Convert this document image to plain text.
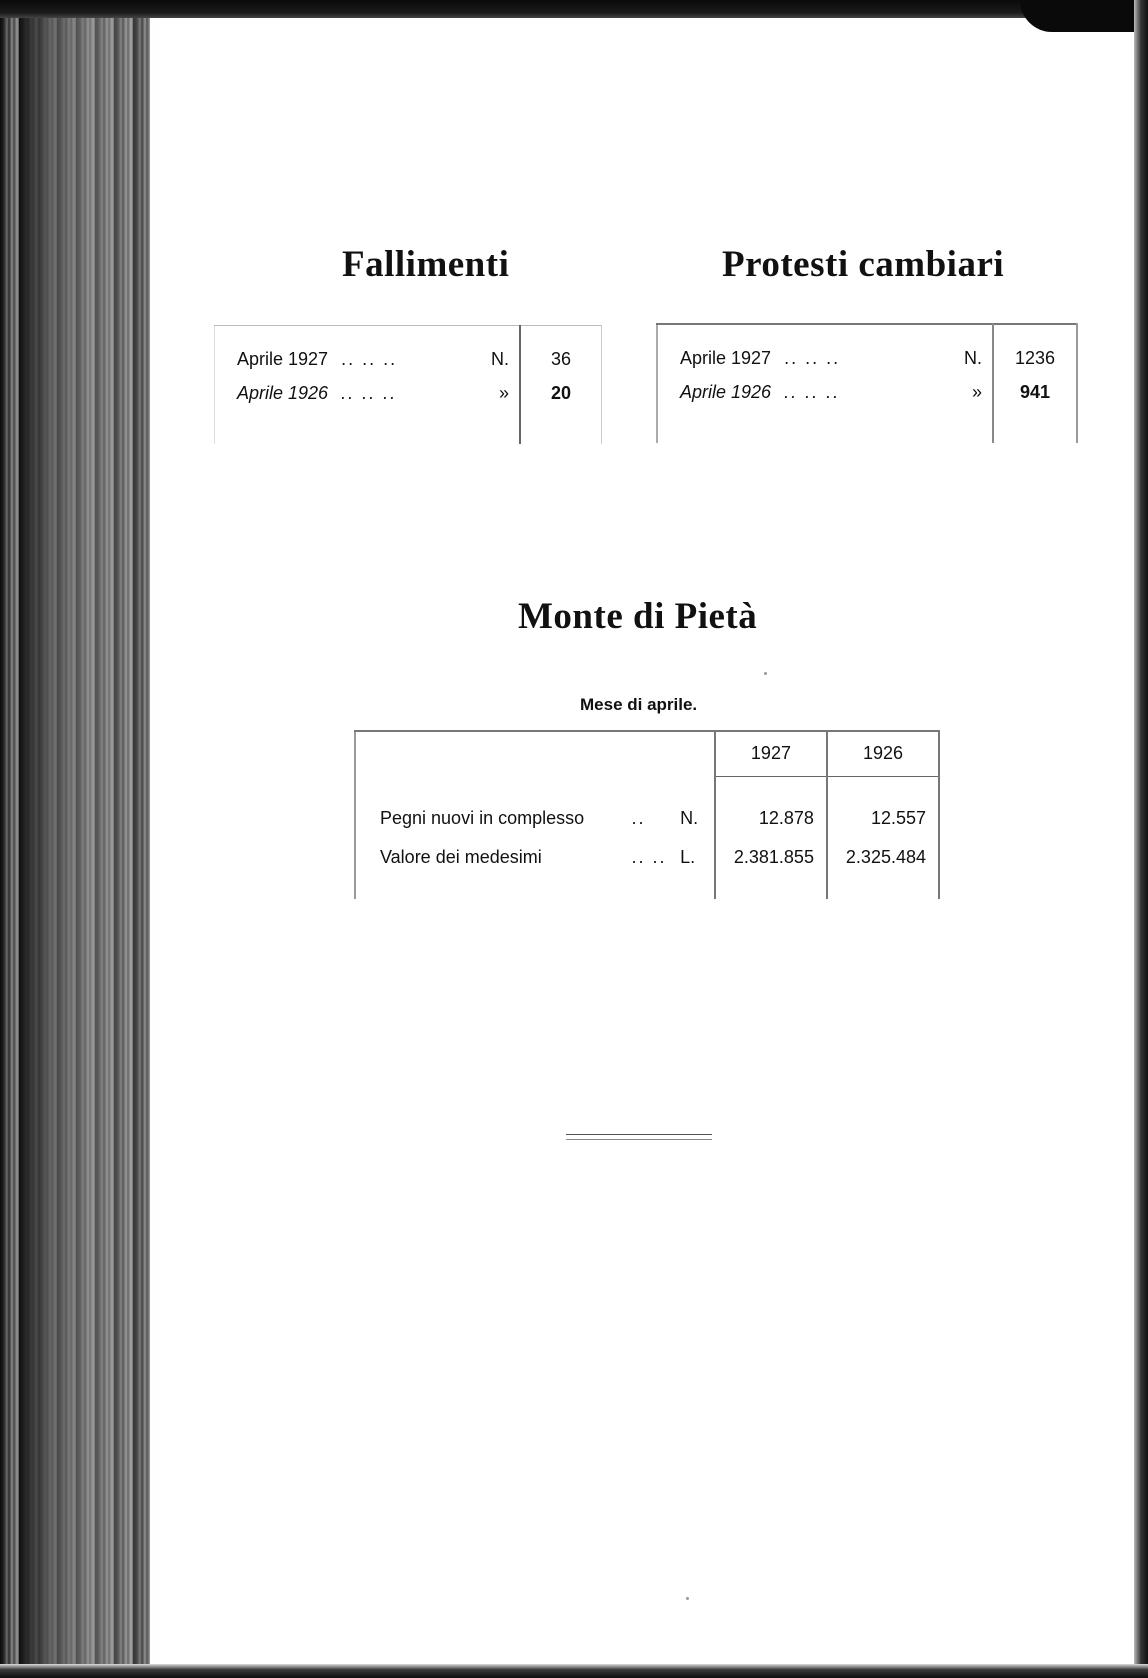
Fallimenti
Aprile 1927 .. .. ..	N.	36
Aprile 1926 .. .. ..	»	20

Protesti cambiari
Aprile 1927 .. .. ..	N.	1236
Aprile 1926 .. .. ..	»	941

Monte di Pietà

Mese di aprile.

			1927	1926

Pegni nuovi in complesso	..	N.	12.878	12.557
Valore dei medesimi	.. ..	L.	2.381.855	2.325.484
